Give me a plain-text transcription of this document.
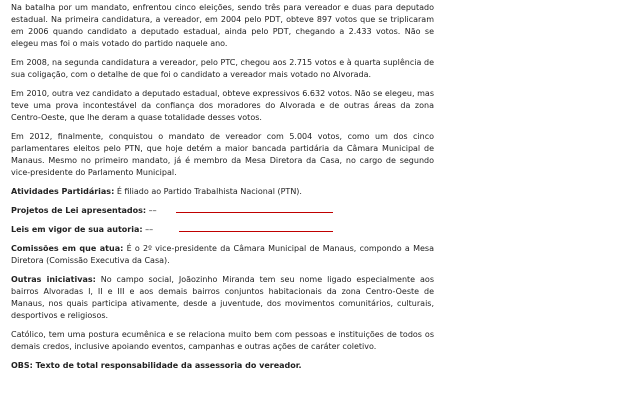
Na batalha por um mandato, enfrentou cinco eleições, sendo três para vereador e duas para deputado estadual. Na primeira candidatura, a vereador, em 2004 pelo PDT, obteve 897 votos que se triplicaram em 2006 quando candidato a deputado estadual, ainda pelo PDT, chegando a 2.433 votos. Não se elegeu mas foi o mais votado do partido naquele ano.

Em 2008, na segunda candidatura a vereador, pelo PTC, chegou aos 2.715 votos e à quarta suplência de sua coligação, com o detalhe de que foi o candidato a vereador mais votado no Alvorada.

Em 2010, outra vez candidato a deputado estadual, obteve expressivos 6.632 votos. Não se elegeu, mas teve uma prova incontestável da confiança dos moradores do Alvorada e de outras áreas da zona Centro-Oeste, que lhe deram a quase totalidade desses votos.

Em 2012, finalmente, conquistou o mandato de vereador com 5.004 votos, como um dos cinco parlamentares eleitos pelo PTN, que hoje detém a maior bancada partidária da Câmara Municipal de Manaus. Mesmo no primeiro mandato, já é membro da Mesa Diretora da Casa, no cargo de segundo vice-presidente do Parlamento Municipal.

Atividades Partidárias: É filiado ao Partido Trabalhista Nacional (PTN).

Projetos de Lei apresentados: ––
Leis em vigor de sua autoria: ––

Comissões em que atua: É o 2º vice-presidente da Câmara Municipal de Manaus, compondo a Mesa Diretora (Comissão Executiva da Casa).

Outras iniciativas: No campo social, Joãozinho Miranda tem seu nome ligado especialmente aos bairros Alvoradas I, II e III e aos demais bairros conjuntos habitacionais da zona Centro-Oeste de Manaus, nos quais participa ativamente, desde a juventude, dos movimentos comunitários, culturais, desportivos e religiosos.

Católico, tem uma postura ecumênica e se relaciona muito bem com pessoas e instituições de todos os demais credos, inclusive apoiando eventos, campanhas e outras ações de caráter coletivo.

OBS: Texto de total responsabilidade da assessoria do vereador.
